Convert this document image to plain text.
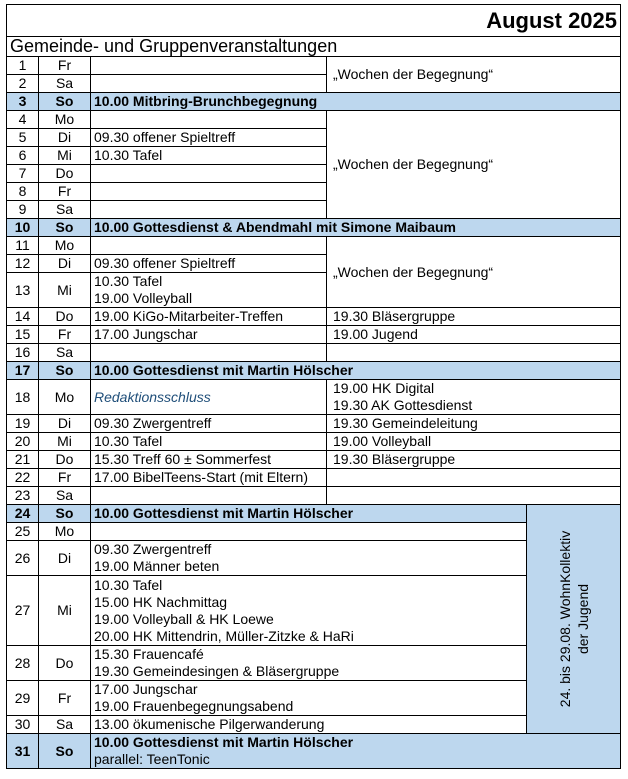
August 2025				
Gemeinde- und Gruppenveranstaltungen				
1	Fr		„Wochen der Begegnung“	
2	Sa			
3	So	10.00 Mitbring-Brunchbegegnung		

4	Mo		„Wochen der Begegnung“	
5	Di	09.30 offener Spieltreff		

6	Mi	10.30 Tafel		

7	Do			
8	Fr			
9	Sa			
10	So	10.00 Gottesdienst & Abendmahl mit Simone Maibaum		

11	Mo		„Wochen der Begegnung“	
12	Di	09.30 offener Spieltreff		

13	Mi	10.30 Tafel
19.00 Volleyball		

14	Do	19.00 KiGo-Mitarbeiter-Treffen	19.30 Bläsergruppe	

15	Fr	17.00 Jungschar	19.00 Jugend	

16	Sa			
17	So	10.00 Gottesdienst mit Martin Hölscher		

18	Mo	Redaktionsschluss	19.00 HK Digital
19.30 AK Gottesdienst	

19	Di	09.30 Zwergentreff	19.30 Gemeindeleitung	

20	Mi	10.30 Tafel	19.00 Volleyball	

21	Do	15.30 Treff 60 ± Sommerfest	19.30 Bläsergruppe	

22	Fr	17.00 BibelTeens-Start (mit Eltern)		

23	Sa			
24	So	10.00 Gottesdienst mit Martin Hölscher		24. bis 29.08. WohnKollektiv der Jugend

25	Mo			
26	Di	09.30 Zwergentreff
19.00 Männer beten		

27	Mi	10.30 Tafel
15.00 HK Nachmittag
19.00 Volleyball & HK Loewe
20.00 HK Mittendrin, Müller-Zitzke & HaRi		

28	Do	15.30 Frauencafé
19.30 Gemeindesingen & Bläsergruppe		

29	Fr	17.00 Jungschar
19.00 Frauenbegegnungsabend		

30	Sa	13.00 ökumenische Pilgerwanderung		

31	So	10.00 Gottesdienst mit Martin Hölscher
parallel: TeenTonic		
